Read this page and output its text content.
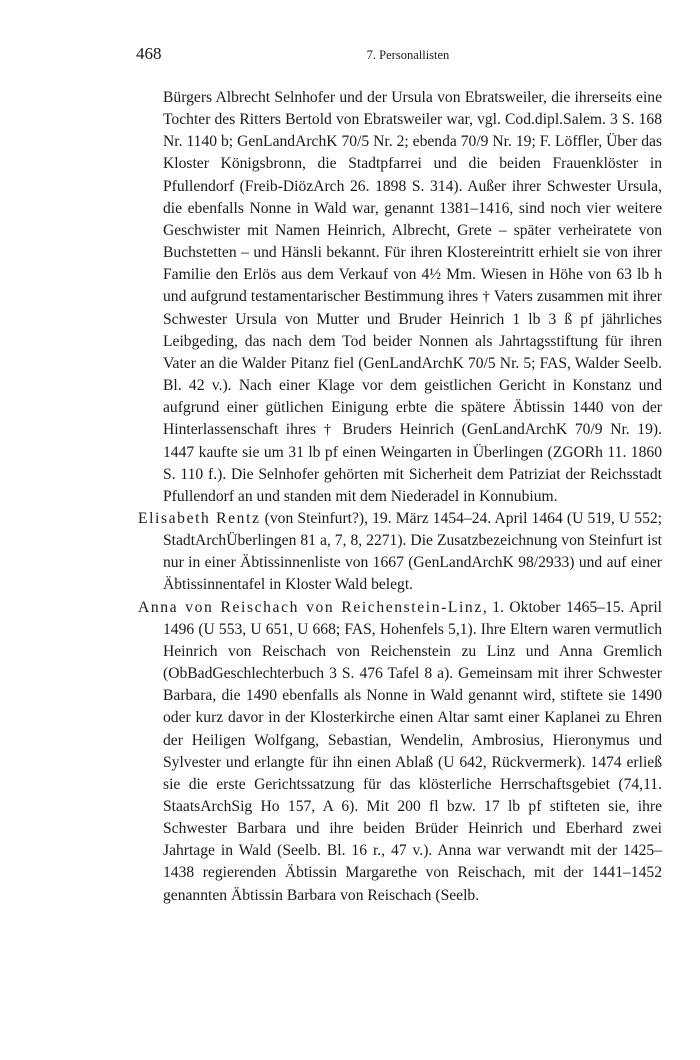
468	7. Personallisten

Bürgers Albrecht Selnhofer und der Ursula von Ebratsweiler, die ihrerseits eine Tochter des Ritters Bertold von Ebratsweiler war, vgl. Cod.dipl.Salem. 3 S. 168 Nr. 1140 b; GenLandArchK 70/5 Nr. 2; ebenda 70/9 Nr. 19; F. Löffler, Über das Kloster Königsbronn, die Stadtpfarrei und die beiden Frauenklöster in Pfullendorf (Freib-DiözArch 26. 1898 S. 314). Außer ihrer Schwester Ursula, die ebenfalls Nonne in Wald war, genannt 1381–1416, sind noch vier weitere Geschwister mit Namen Heinrich, Albrecht, Grete – später verheiratete von Buchstetten – und Hänsli bekannt. Für ihren Klostereintritt erhielt sie von ihrer Familie den Erlös aus dem Verkauf von 4½ Mm. Wiesen in Höhe von 63 lb h und aufgrund testamentarischer Bestimmung ihres † Vaters zusammen mit ihrer Schwester Ursula von Mutter und Bruder Heinrich 1 lb 3 ß pf jährliches Leibgeding, das nach dem Tod beider Nonnen als Jahrtagsstiftung für ihren Vater an die Walder Pitanz fiel (GenLandArchK 70/5 Nr. 5; FAS, Walder Seelb. Bl. 42 v.). Nach einer Klage vor dem geistlichen Gericht in Konstanz und aufgrund einer gütlichen Einigung erbte die spätere Äbtissin 1440 von der Hinterlassenschaft ihres † Bruders Heinrich (GenLandArchK 70/9 Nr. 19). 1447 kaufte sie um 31 lb pf einen Weingarten in Überlingen (ZGORh 11. 1860 S. 110 f.). Die Selnhofer gehörten mit Sicherheit dem Patriziat der Reichsstadt Pfullendorf an und standen mit dem Niederadel in Konnubium.

Elisabeth Rentz (von Steinfurt?), 19. März 1454–24. April 1464 (U 519, U 552; StadtArchÜberlingen 81 a, 7, 8, 2271). Die Zusatzbezeichnung von Steinfurt ist nur in einer Äbtissinnenliste von 1667 (GenLandArchK 98/2933) und auf einer Äbtissinnentafel in Kloster Wald belegt.

Anna von Reischach von Reichenstein-Linz, 1. Oktober 1465–15. April 1496 (U 553, U 651, U 668; FAS, Hohenfels 5,1). Ihre Eltern waren vermutlich Heinrich von Reischach von Reichenstein zu Linz und Anna Gremlich (ObBadGeschlechterbuch 3 S. 476 Tafel 8 a). Gemeinsam mit ihrer Schwester Barbara, die 1490 ebenfalls als Nonne in Wald genannt wird, stiftete sie 1490 oder kurz davor in der Klosterkirche einen Altar samt einer Kaplanei zu Ehren der Heiligen Wolfgang, Sebastian, Wendelin, Ambrosius, Hieronymus und Sylvester und erlangte für ihn einen Ablaß (U 642, Rückvermerk). 1474 erließ sie die erste Gerichtssatzung für das klösterliche Herrschaftsgebiet (74,11. StaatsArchSig Ho 157, A 6). Mit 200 fl bzw. 17 lb pf stifteten sie, ihre Schwester Barbara und ihre beiden Brüder Heinrich und Eberhard zwei Jahrtage in Wald (Seelb. Bl. 16 r., 47 v.). Anna war verwandt mit der 1425–1438 regierenden Äbtissin Margarethe von Reischach, mit der 1441–1452 genannten Äbtissin Barbara von Reischach (Seelb.
